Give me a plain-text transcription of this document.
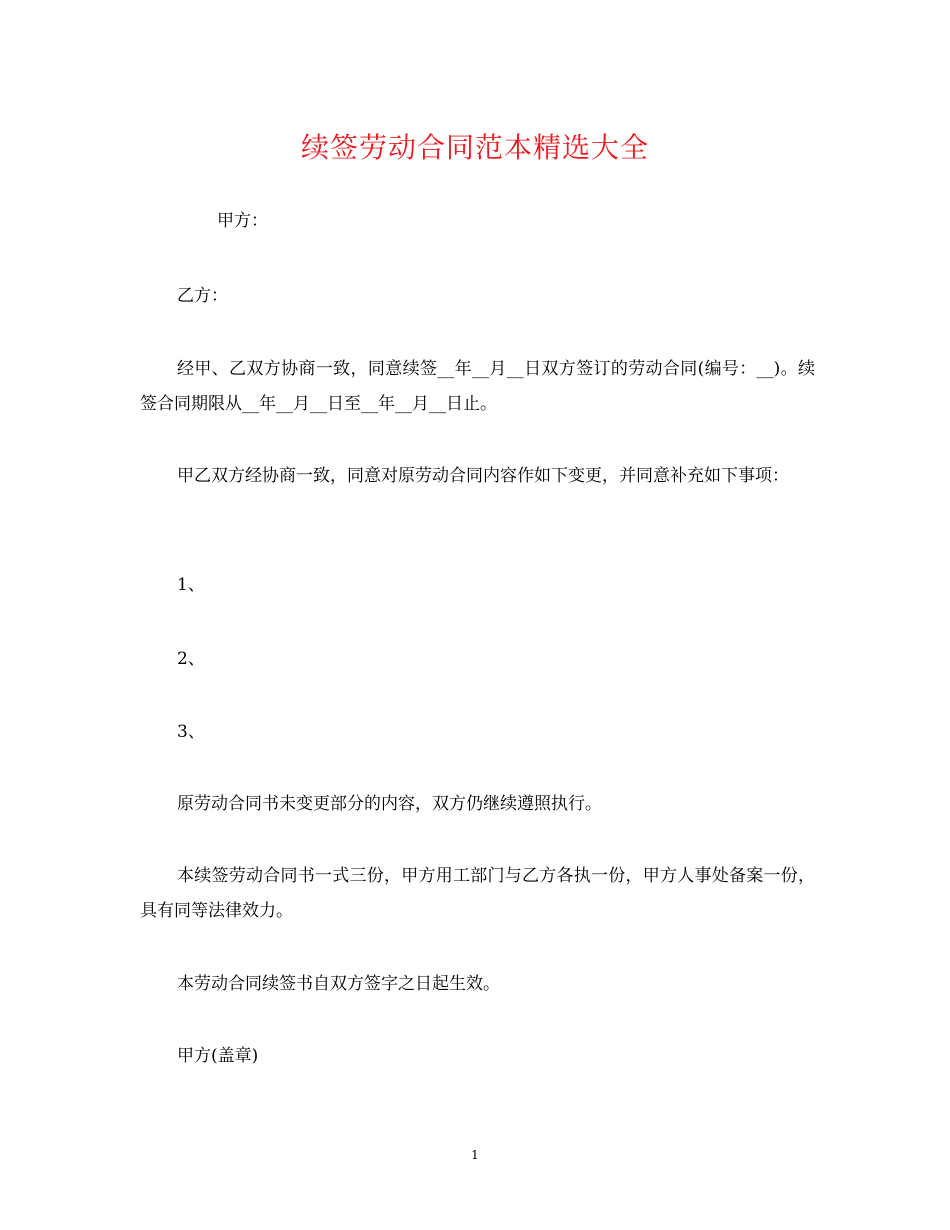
续签劳动合同范本精选大全

甲方：

乙方：

经甲、乙双方协商一致，同意续签__年__月__日双方签订的劳动合同(编号：__)。续签合同期限从__年__月__日至__年__月__日止。

甲乙双方经协商一致，同意对原劳动合同内容作如下变更，并同意补充如下事项：

1、

2、

3、

原劳动合同书未变更部分的内容，双方仍继续遵照执行。

本续签劳动合同书一式三份，甲方用工部门与乙方各执一份，甲方人事处备案一份，具有同等法律效力。

本劳动合同续签书自双方签字之日起生效。

甲方(盖章)

1
